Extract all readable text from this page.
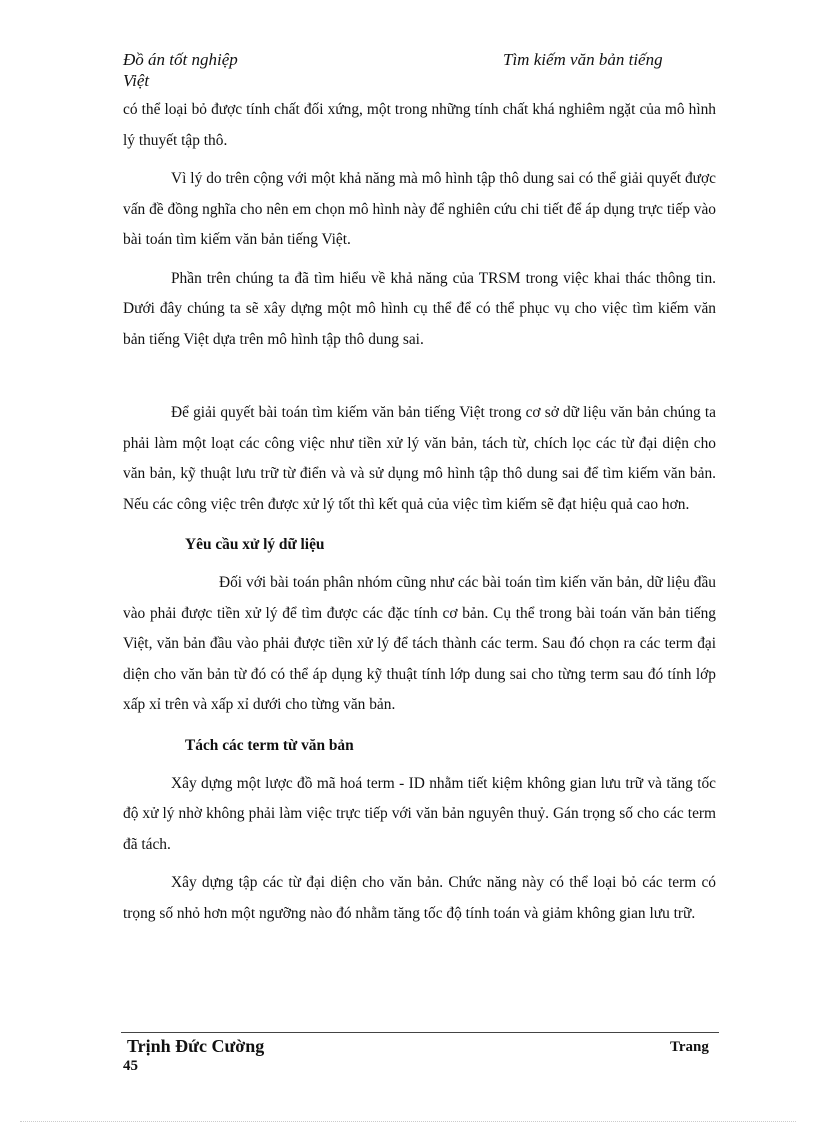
Đồ án tốt nghiệp	Tìm kiếm văn bản tiếng
Việt

có thể loại bỏ được tính chất đối xứng, một trong những tính chất khá nghiêm ngặt của mô hình lý thuyết tập thô.

Vì lý do trên cộng với một khả năng mà mô hình tập thô dung sai có thể giải quyết được vấn đề đồng nghĩa cho nên em chọn mô hình này để nghiên cứu chi tiết để áp dụng trực tiếp vào bài toán tìm kiếm văn bản tiếng Việt.

Phần trên chúng ta đã tìm hiểu về khả năng của TRSM trong việc khai thác thông tin. Dưới đây chúng ta sẽ xây dựng một mô hình cụ thể để có thể phục vụ cho việc tìm kiếm văn bản tiếng Việt dựa trên mô hình tập thô dung sai.

Để giải quyết bài toán tìm kiếm văn bản tiếng Việt trong cơ sở dữ liệu văn bản chúng ta phải làm một loạt các công việc như tiền xử lý văn bản, tách từ, chích lọc các từ đại diện cho văn bản, kỹ thuật lưu trữ từ điển và và sử dụng mô hình tập thô dung sai để tìm kiếm văn bản. Nếu các công việc trên được xử lý tốt thì kết quả của việc tìm kiếm sẽ đạt hiệu quả cao hơn.

Yêu cầu xử lý dữ liệu

Đối với bài toán phân nhóm cũng như các bài toán tìm kiến văn bản, dữ liệu đầu vào phải được tiền xử lý để tìm được các đặc tính cơ bản. Cụ thể trong bài toán văn bản tiếng Việt, văn bản đầu vào phải được tiền xử lý để tách thành các term. Sau đó chọn ra các term đại diện cho văn bản từ đó có thể áp dụng kỹ thuật tính lớp dung sai cho từng term sau đó tính lớp xấp xỉ trên và xấp xỉ dưới cho từng văn bản.

Tách các term từ văn bản

Xây dựng một lược đồ mã hoá term - ID nhằm tiết kiệm không gian lưu trữ và tăng tốc độ xử lý nhờ không phải làm việc trực tiếp với văn bản nguyên thuỷ. Gán trọng số cho các term đã tách.

Xây dựng tập các từ đại diện cho văn bản. Chức năng này có thể loại bỏ các term có trọng số nhỏ hơn một ngưỡng nào đó nhằm tăng tốc độ tính toán và giảm không gian lưu trữ.

Trịnh Đức Cường	Trang
45
